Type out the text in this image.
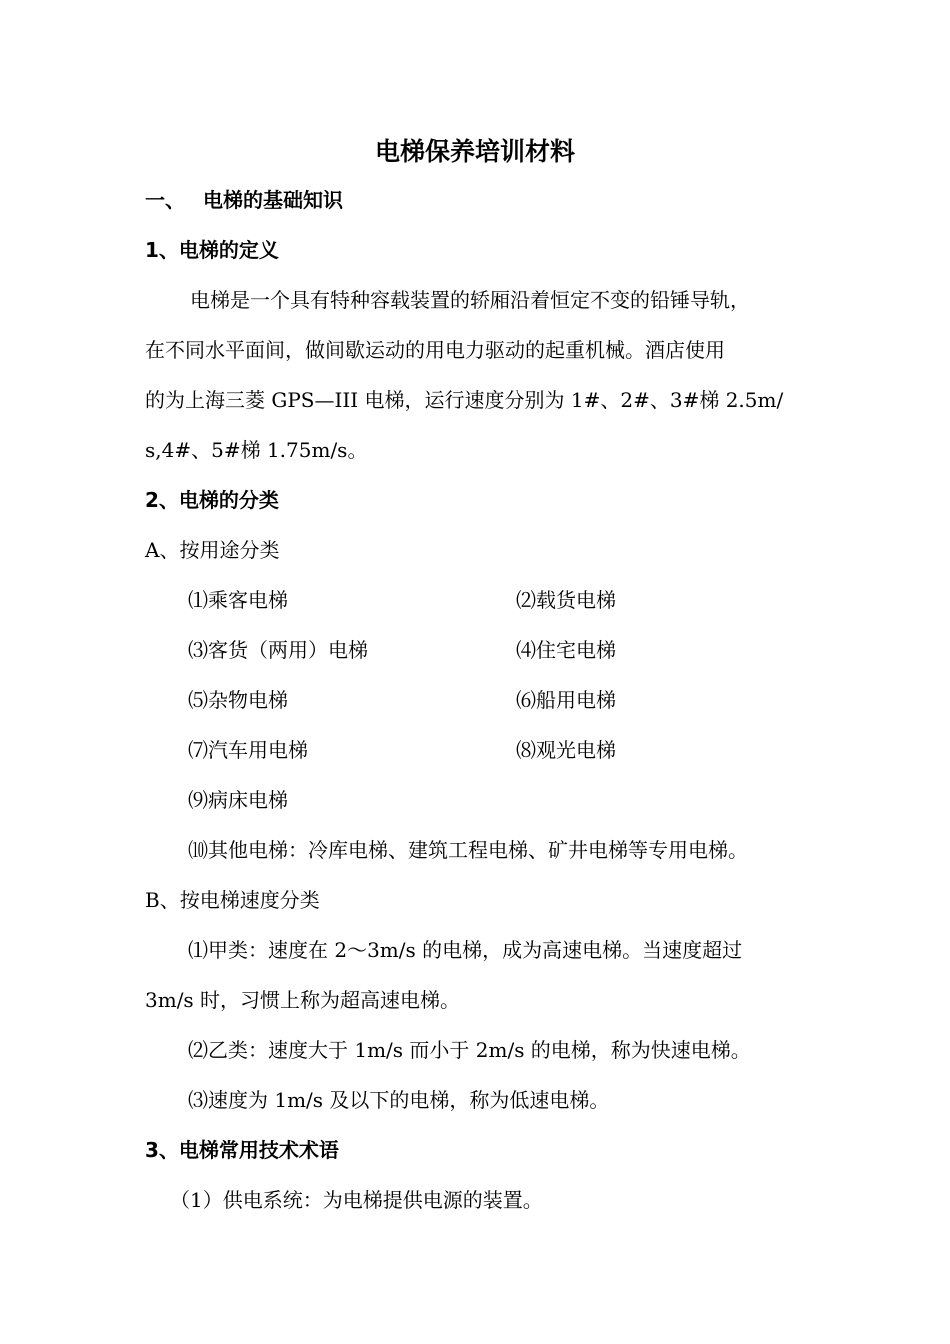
电梯保养培训材料
一、 电梯的基础知识
1、电梯的定义
电梯是一个具有特种容载装置的轿厢沿着恒定不变的铅锤导轨，
在不同水平面间，做间歇运动的用电力驱动的起重机械。酒店使用
的为上海三菱 GPS—III 电梯，运行速度分别为 1#、2#、3#梯 2.5m/
s,4#、5#梯 1.75m/s。
2、电梯的分类
A、按用途分类
⑴乘客电梯	⑵载货电梯
⑶客货（两用）电梯	⑷住宅电梯
⑸杂物电梯	⑹船用电梯
⑺汽车用电梯	⑻观光电梯
⑼病床电梯
⑽其他电梯：冷库电梯、建筑工程电梯、矿井电梯等专用电梯。
B、按电梯速度分类
⑴甲类：速度在 2～3m/s 的电梯，成为高速电梯。当速度超过
3m/s 时，习惯上称为超高速电梯。
⑵乙类：速度大于 1m/s 而小于 2m/s 的电梯，称为快速电梯。
⑶速度为 1m/s 及以下的电梯，称为低速电梯。
3、电梯常用技术术语
（1）供电系统：为电梯提供电源的装置。
